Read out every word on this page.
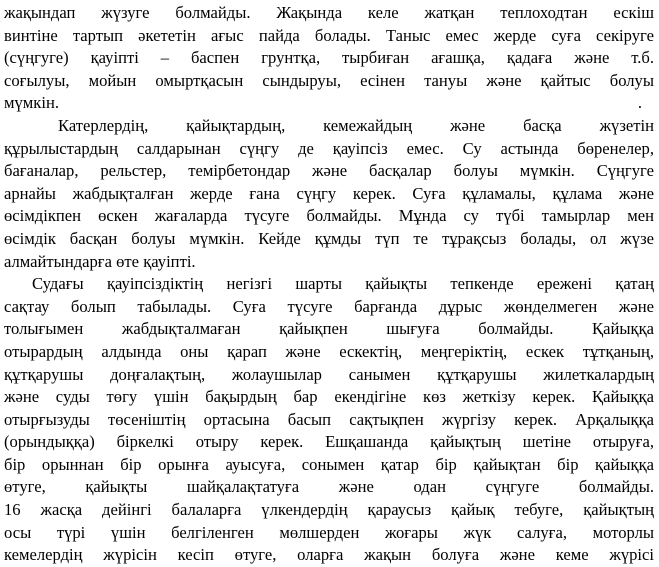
жақындап жүзуге болмайды. Жақында келе жатқан теплоходтан ескіш
винтіне тартып әкететін ағыс пайда болады. Таныс емес жерде суға секіруге
(сүңгуге) қауіпті – баспен грунтқа, тырбиған ағашқа, қадаға және т.б.
соғылуы, мойын омыртқасын сындыруы, есінен тануы және қайтыс болуы
мүмкін.	.
Катерлердің, қайықтардың, кемежайдың және басқа жүзетін
құрылыстардың салдарынан сүңгу де қауіпсіз емес. Су астында бөренелер,
бағаналар, рельстер, темірбетондар және басқалар болуы мүмкін. Сүңгуге
арнайы жабдықталған жерде ғана сүңгу керек. Суға құламалы, құлама және
өсімдікпен өскен жағаларда түсуге болмайды. Мұнда су түбі тамырлар мен
өсімдік басқан болуы мүмкін. Кейде құмды түп те тұрақсыз болады, ол жүзе
алмайтындарға өте қауіпті.
Судағы қауіпсіздіктің негізгі шарты қайықты тепкенде ережені қатаң
сақтау болып табылады. Суға түсуге барғанда дұрыс жөнделмеген және
толығымен жабдықталмаған қайықпен шығуға болмайды. Қайыққа
отырардың алдында оны қарап және ескектің, меңгеріктің, ескек тұтқаның,
құтқарушы доңғалақтың, жолаушылар санымен құтқарушы жилеткалардың
және суды төгу үшін бақырдың бар екендігіне көз жеткізу керек. Қайыққа
отырғызуды төсеніштің ортасына басып сақтықпен жүргізу керек. Арқалыққа
(орындыққа) біркелкі отыру керек. Ешқашанда қайықтың шетіне отыруға,
бір орыннан бір орынға ауысуға, сонымен қатар бір қайықтан бір қайыққа
өтуге, қайықты шайқалақтатуға және одан сүңгуге болмайды.
16 жасқа дейінгі балаларға үлкендердің қараусыз қайық тебуге, қайықтың
осы түрі үшін белгіленген мөлшерден жоғары жүк салуға, моторлы
кемелердің жүрісін кесіп өтуге, оларға жақын болуға және кеме жүрісі
